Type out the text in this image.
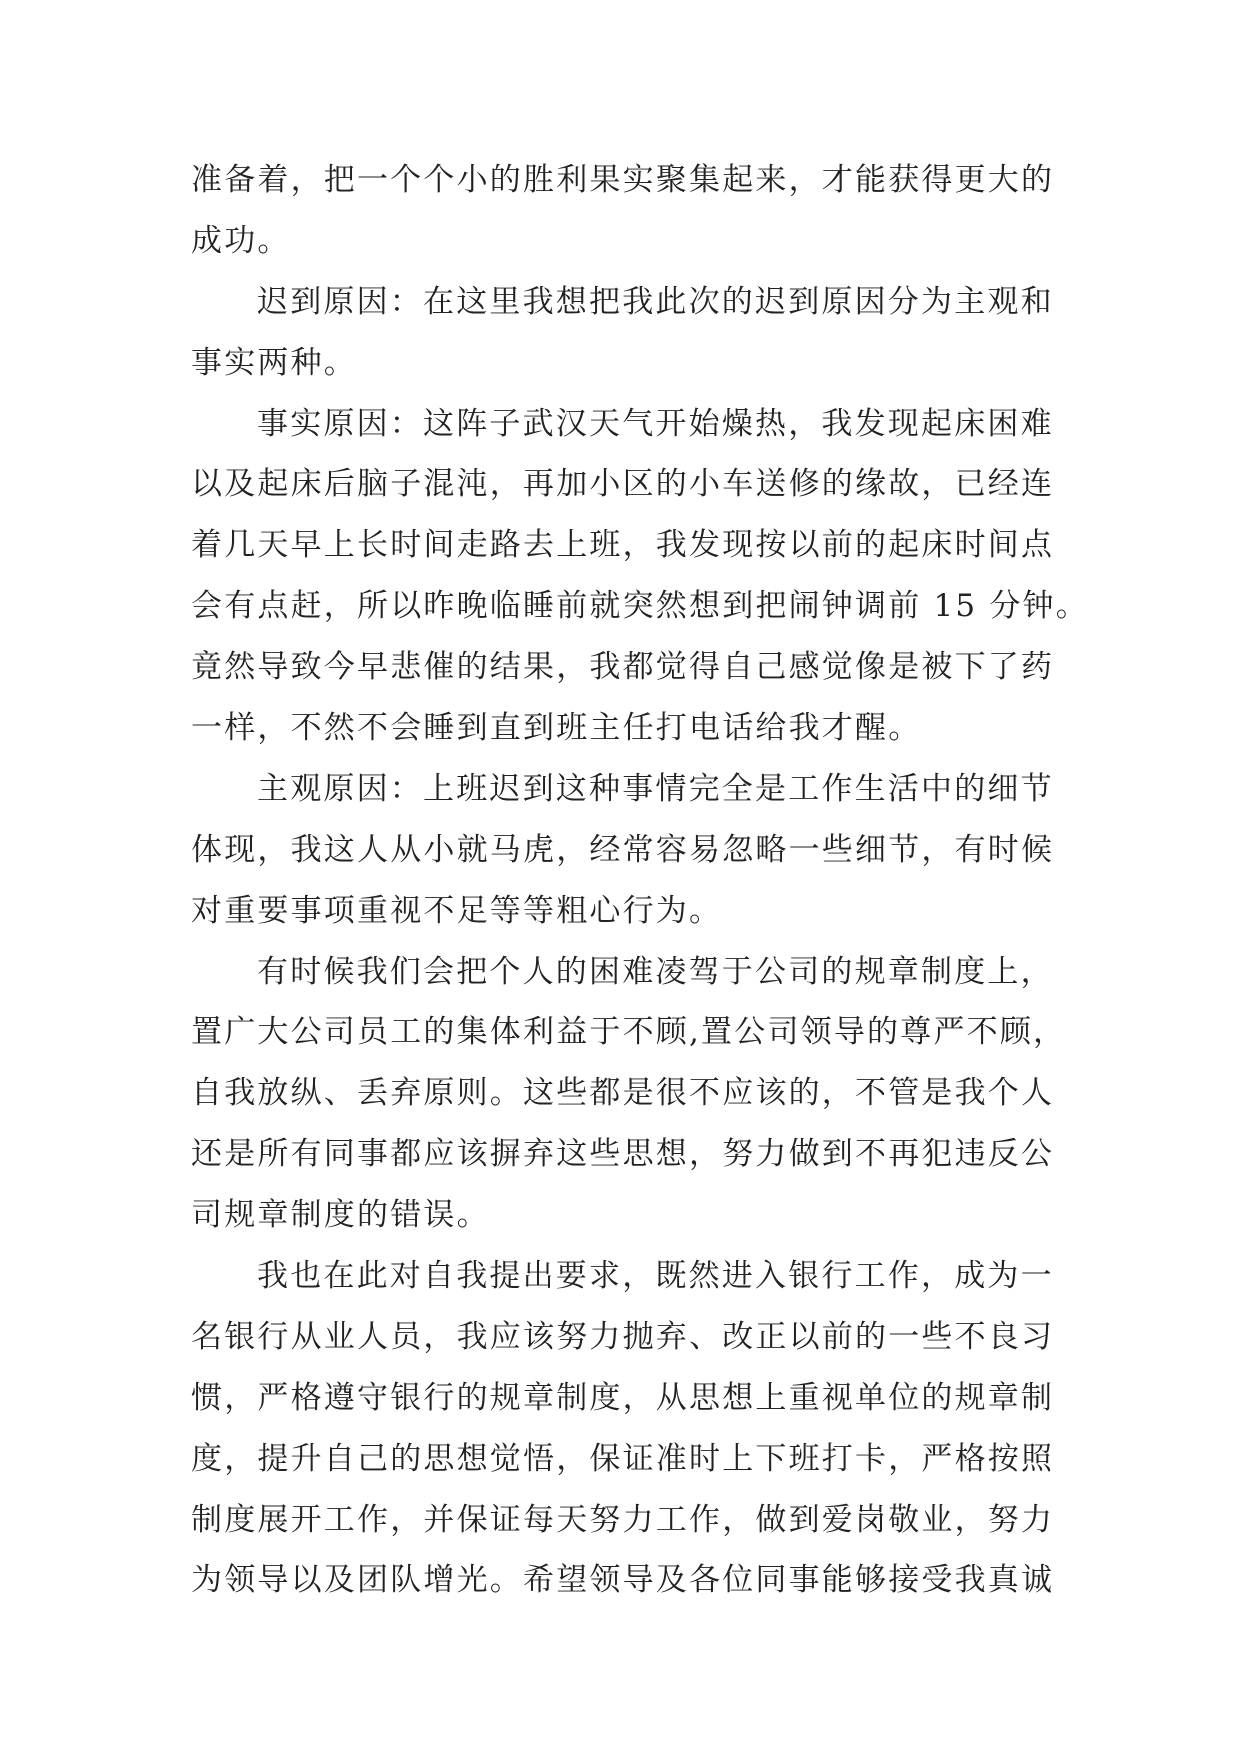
准备着，把一个个小的胜利果实聚集起来，才能获得更大的
成功。
迟到原因：在这里我想把我此次的迟到原因分为主观和
事实两种。
事实原因：这阵子武汉天气开始燥热，我发现起床困难
以及起床后脑子混沌，再加小区的小车送修的缘故，已经连
着几天早上长时间走路去上班，我发现按以前的起床时间点
会有点赶，所以昨晚临睡前就突然想到把闹钟调前 15 分钟。
竟然导致今早悲催的结果，我都觉得自己感觉像是被下了药
一样，不然不会睡到直到班主任打电话给我才醒。
主观原因：上班迟到这种事情完全是工作生活中的细节
体现，我这人从小就马虎，经常容易忽略一些细节，有时候
对重要事项重视不足等等粗心行为。
有时候我们会把个人的困难凌驾于公司的规章制度上，
置广大公司员工的集体利益于不顾,置公司领导的尊严不顾，
自我放纵、丢弃原则。这些都是很不应该的，不管是我个人
还是所有同事都应该摒弃这些思想，努力做到不再犯违反公
司规章制度的错误。
我也在此对自我提出要求，既然进入银行工作，成为一
名银行从业人员，我应该努力抛弃、改正以前的一些不良习
惯，严格遵守银行的规章制度，从思想上重视单位的规章制
度，提升自己的思想觉悟，保证准时上下班打卡，严格按照
制度展开工作，并保证每天努力工作，做到爱岗敬业，努力
为领导以及团队增光。希望领导及各位同事能够接受我真诚
